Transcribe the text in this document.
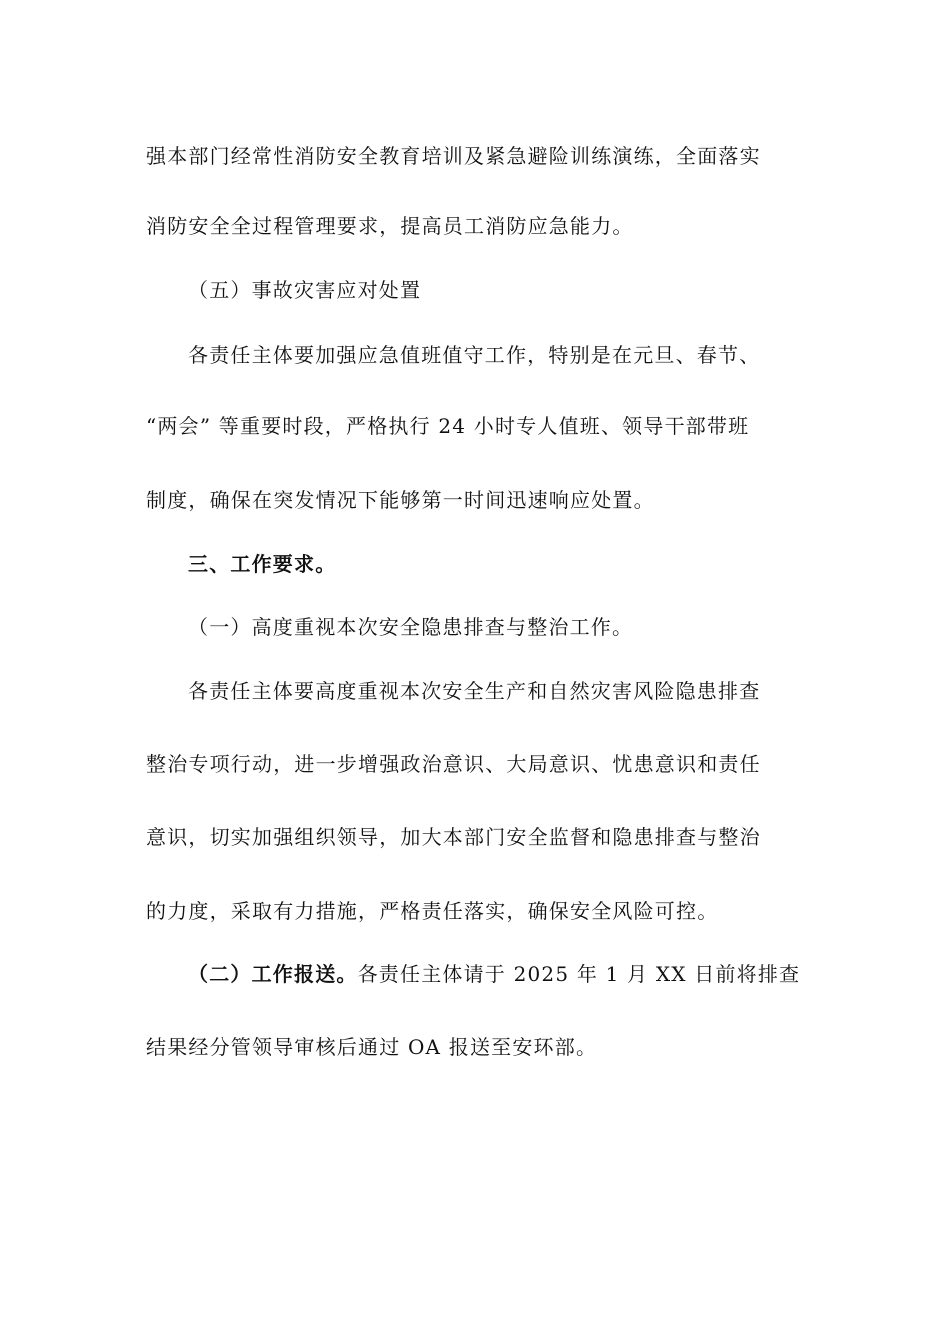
强本部门经常性消防安全教育培训及紧急避险训练演练，全面落实
消防安全全过程管理要求，提高员工消防应急能力。
（五）事故灾害应对处置
各责任主体要加强应急值班值守工作，特别是在元旦、春节、
“两会” 等重要时段，严格执行 24 小时专人值班、领导干部带班
制度，确保在突发情况下能够第一时间迅速响应处置。
三、工作要求。
（一）高度重视本次安全隐患排查与整治工作。
各责任主体要高度重视本次安全生产和自然灾害风险隐患排查
整治专项行动，进一步增强政治意识、大局意识、忧患意识和责任
意识，切实加强组织领导，加大本部门安全监督和隐患排查与整治
的力度，采取有力措施，严格责任落实，确保安全风险可控。
（二）工作报送。各责任主体请于 2025 年 1 月 XX 日前将排查
结果经分管领导审核后通过 OA 报送至安环部。
